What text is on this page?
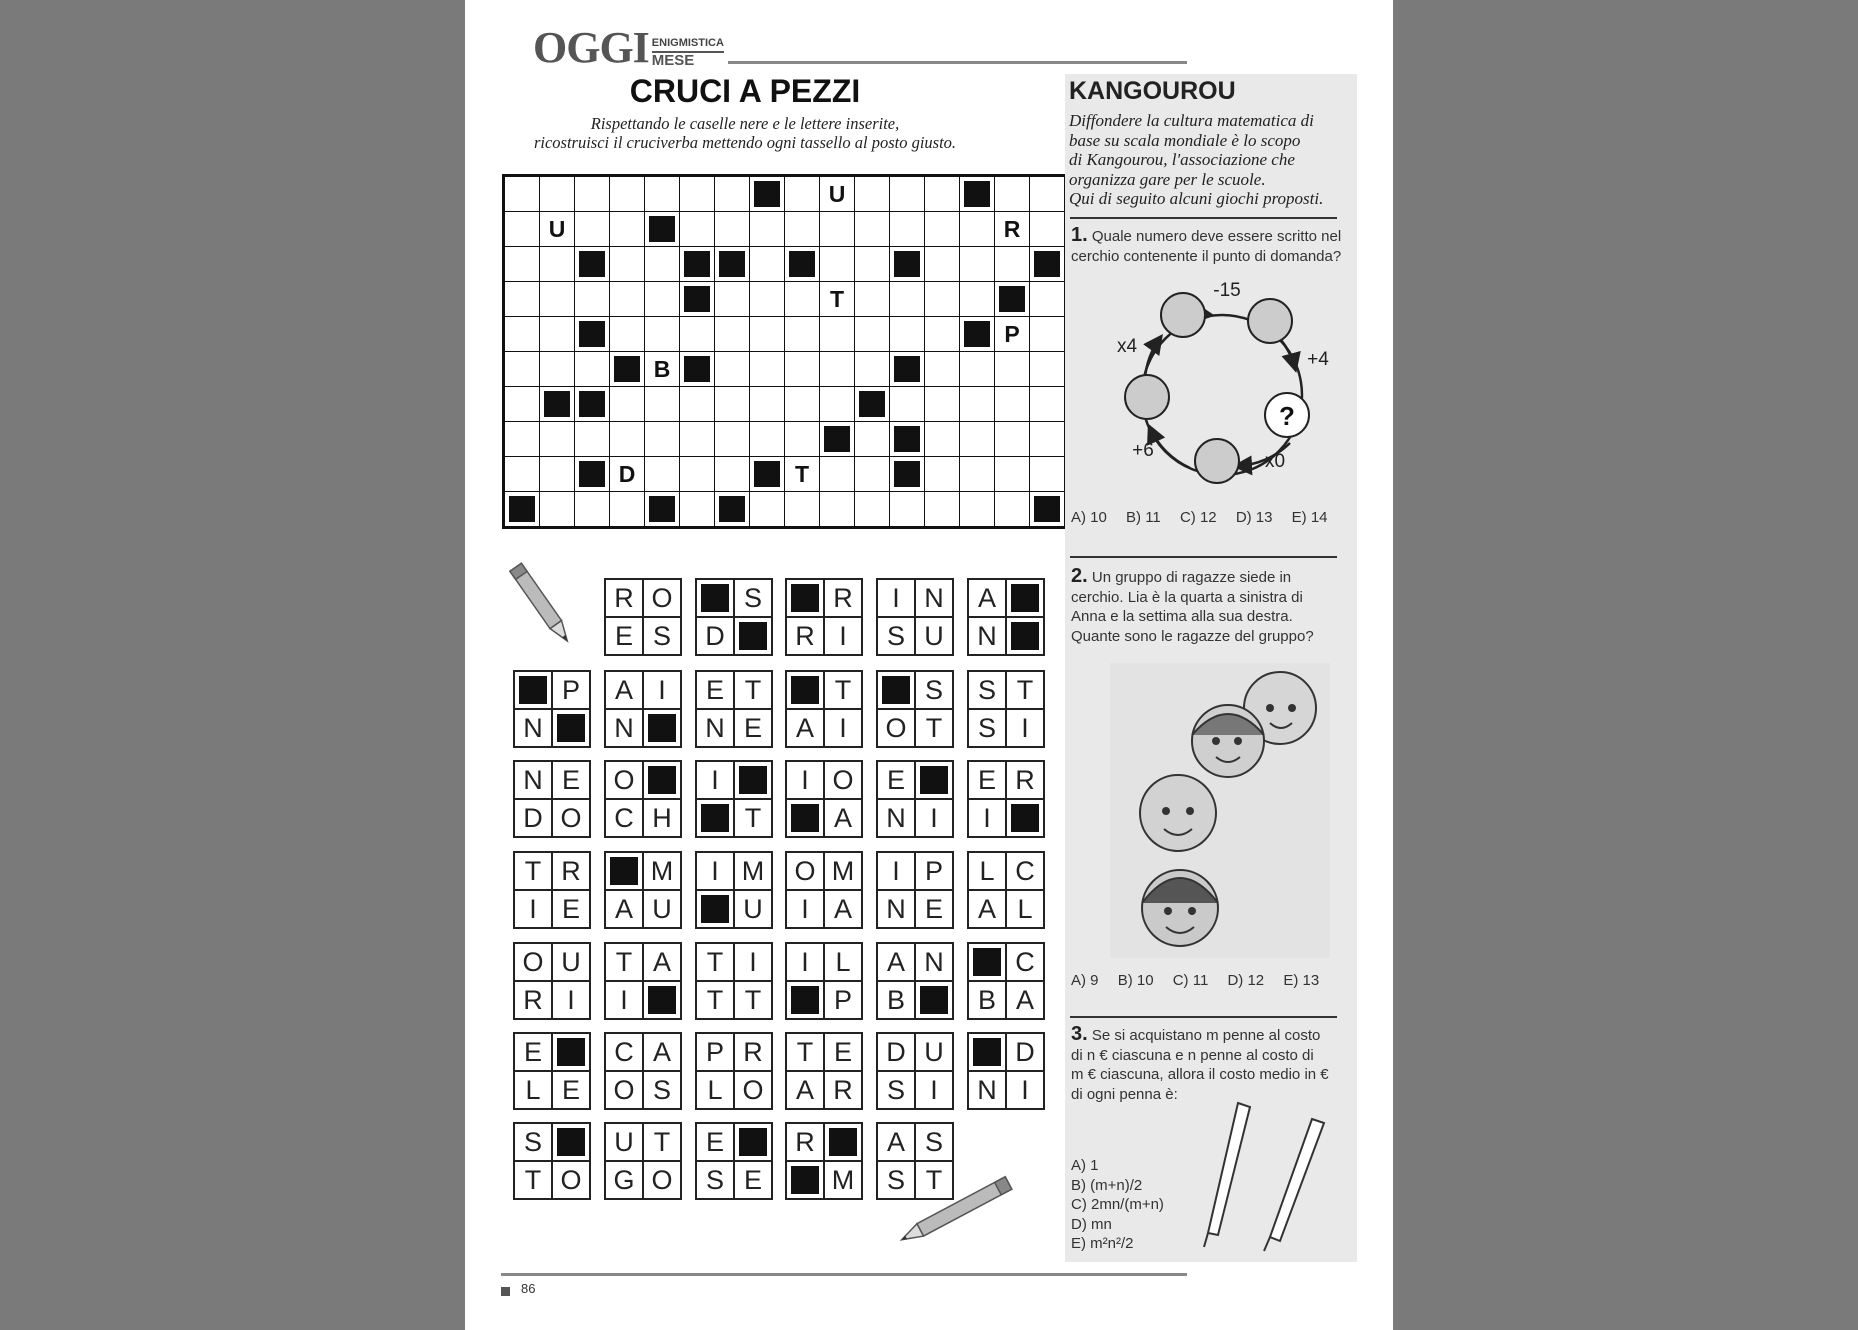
OGGI ENIGMISTICA
MESE
CRUCI A PEZZI
Rispettando le caselle nere e le lettere inserite,
ricostruisci il cruciverba mettendo ogni tassello al posto giusto.
U
U	R
T
P
B
D	T
R O
E S
S
D
R
R I
I N
S U
A
N
P
N
A I
N
E T
N E
T
A I
S
O T
S T
S I
N E
D O
O
C H
I
T
I O
A
E
N I
E R
I
T R
I E
M
A U
I M
U
O M
I A
I P
N E
L C
A L
O U
R I
T A
I
T I
T T
I L
P
A N
B
C
B A
E
L E
C A
O S
P R
L O
T E
A R
D U
S I
D
N I
S
T O
U T
G O
E
S E
R
M
A S
S T
KANGOUROU
Diffondere la cultura matematica di
base su scala mondiale è lo scopo
di Kangourou, l'associazione che
organizza gare per le scuole.
Qui di seguito alcuni giochi proposti.
1. Quale numero deve essere scritto nel
cerchio contenente il punto di domanda?
?
-15
+4
x0
+6
x4
A) 10 B) 11 C) 12 D) 13 E) 14
2. Un gruppo di ragazze siede in
cerchio. Lia è la quarta a sinistra di
Anna e la settima alla sua destra.
Quante sono le ragazze del gruppo?
A) 9 B) 10 C) 11 D) 12 E) 13
3. Se si acquistano m penne al costo
di n € ciascuna e n penne al costo di
m € ciascuna, allora il costo medio in €
di ogni penna è:
A) 1
B) (m+n)/2
C) 2mn/(m+n)
D) mn
E) m²n²/2
86
